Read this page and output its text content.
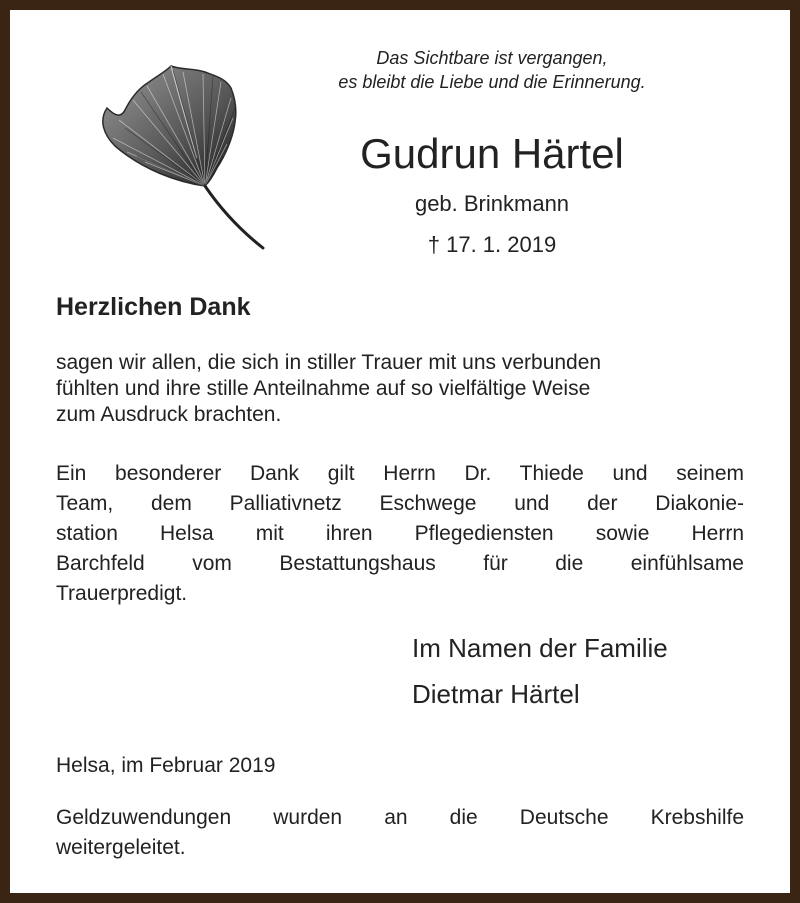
Das Sichtbare ist vergangen,
es bleibt die Liebe und die Erinnerung.
Gudrun Härtel
geb. Brinkmann
† 17. 1. 2019
Herzlichen Dank
sagen wir allen, die sich in stiller Trauer mit uns verbunden
fühlten und ihre stille Anteilnahme auf so vielfältige Weise
zum Ausdruck brachten.
Ein besonderer Dank gilt Herrn Dr. Thiede und seinem
Team, dem Palliativnetz Eschwege und der Diakonie-
station Helsa mit ihren Pflegediensten sowie Herrn
Barchfeld vom Bestattungshaus für die einfühlsame
Trauerpredigt.
Im Namen der Familie
Dietmar Härtel
Helsa, im Februar 2019
Geldzuwendungen wurden an die Deutsche Krebshilfe
weitergeleitet.
